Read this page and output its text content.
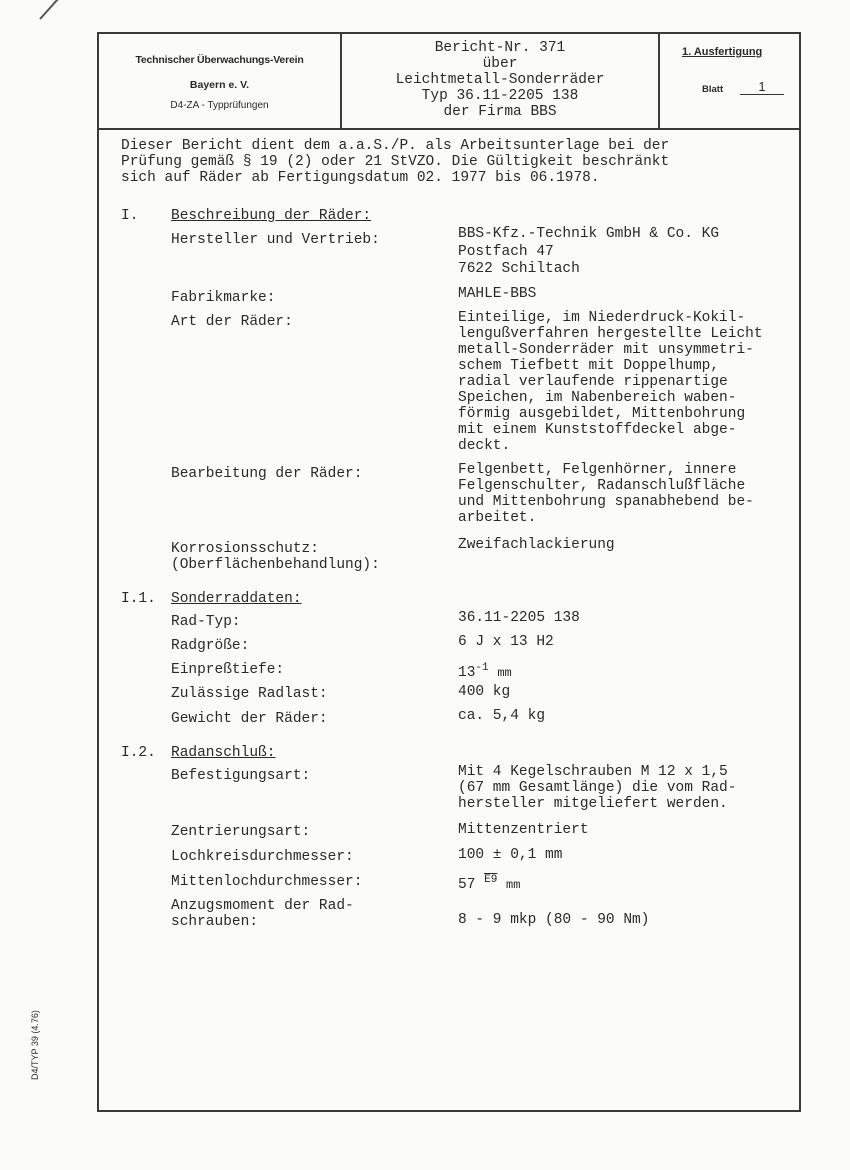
Technischer Überwachungs-Verein
Bayern e. V.
D4-ZA - Typprüfungen
Bericht-Nr. 371
über
Leichtmetall-Sonderräder
Typ 36.11-2205 138
der Firma BBS
1. Ausfertigung
Blatt	1
Dieser Bericht dient dem a.a.S./P. als Arbeitsunterlage bei der
Prüfung gemäß § 19 (2) oder 21 StVZO. Die Gültigkeit beschränkt
sich auf Räder ab Fertigungsdatum 02. 1977 bis 06.1978.
I. Beschreibung der Räder:
Hersteller und Vertrieb:	BBS-Kfz.-Technik GmbH & Co. KG
Postfach 47
7622 Schiltach
Fabrikmarke:	MAHLE-BBS
Art der Räder:	Einteilige, im Niederdruck-Kokil-
lengußverfahren hergestellte Leicht
metall-Sonderräder mit unsymmetri-
schem Tiefbett mit Doppelhump,
radial verlaufende rippenartige
Speichen, im Nabenbereich waben-
förmig ausgebildet, Mittenbohrung
mit einem Kunststoffdeckel abge-
deckt.
Bearbeitung der Räder:	Felgenbett, Felgenhörner, innere
Felgenschulter, Radanschlußfläche
und Mittenbohrung spanabhebend be-
arbeitet.
Korrosionsschutz:
(Oberflächenbehandlung):
Zweifachlackierung
I.1. Sonderraddaten:
Rad-Typ:	36.11-2205 138
Radgröße:	6 J x 13 H2
Einpreßtiefe:	$13^{-1}$ mm
Zulässige Radlast:	400 kg
Gewicht der Räder:	ca. 5,4 kg
I.2. Radanschluß:
Befestigungsart:	Mit 4 Kegelschrauben M 12 x 1,5
(67 mm Gesamtlänge) die vom Rad-
hersteller mitgeliefert werden.
Zentrierungsart:	Mittenzentriert
Lochkreisdurchmesser:	100 ± 0,1 mm
Mittenlochdurchmesser:	57 $^{E9}$ mm
Anzugsmoment der Rad-
schrauben:	8 - 9 mkp (80 - 90 Nm)
D4/TYP 39 (4.76)
